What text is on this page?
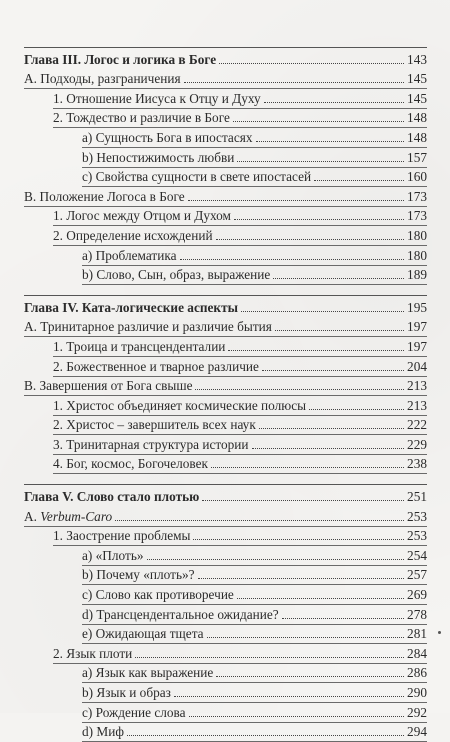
Глава III. Логос и логика в Боге	143
А. Подходы, разграничения	145
1. Отношение Иисуса к Отцу и Духу	145
2. Тождество и различие в Боге	148
a) Сущность Бога в ипостасях	148
b) Непостижимость любви	157
c) Свойства сущности в свете ипостасей	160
B. Положение Логоса в Боге	173
1. Логос между Отцом и Духом	173
2. Определение исхождений	180
a) Проблематика	180
b) Слово, Сын, образ, выражение	189
Глава IV. Ката-логические аспекты	195
А. Тринитарное различие и различие бытия	197
1. Троица и трансценденталии	197
2. Божественное и тварное различие	204
B. Завершения от Бога свыше	213
1. Христос объединяет космические полюсы	213
2. Христос – завершитель всех наук	222
3. Тринитарная структура истории	229
4. Бог, космос, Богочеловек	238
Глава V. Слово стало плотью	251
А. Verbum-Caro	253
1. Заострение проблемы	253
a) «Плоть»	254
b) Почему «плоть»?	257
c) Слово как противоречие	269
d) Трансцендентальное ожидание?	278
e) Ожидающая тщета	281
2. Язык плоти	284
a) Язык как выражение	286
b) Язык и образ	290
c) Рождение слова	292
d) Миф	294
